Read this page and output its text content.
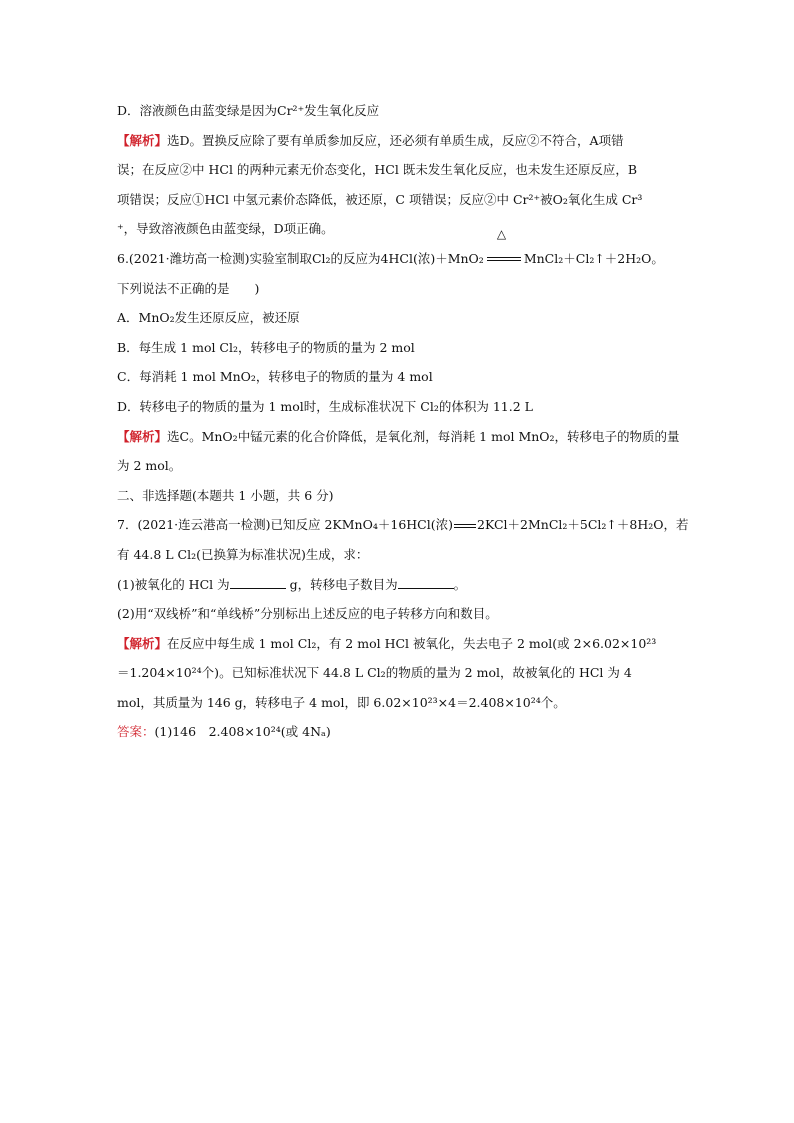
D．溶液颜色由蓝变绿是因为Cr²⁺发生氧化反应
【解析】选D。置换反应除了要有单质参加反应，还必须有单质生成，反应②不符合，A项错
误；在反应②中 HCl 的两种元素无价态变化，HCl 既未发生氧化反应，也未发生还原反应，B
项错误；反应①HCl 中氢元素价态降低，被还原，C 项错误；反应②中 Cr²⁺被O₂氧化生成 Cr³
⁺，导致溶液颜色由蓝变绿，D项正确。
6.(2021·潍坊高一检测)实验室制取Cl₂的反应为4HCl(浓)＋MnO₂
△
MnCl₂＋Cl₂↑＋2H₂O。
下列说法不正确的是　　)
A．MnO₂发生还原反应，被还原
B．每生成 1 mol Cl₂，转移电子的物质的量为 2 mol
C．每消耗 1 mol MnO₂，转移电子的物质的量为 4 mol
D．转移电子的物质的量为 1 mol时，生成标准状况下 Cl₂的体积为 11.2 L
【解析】选C。MnO₂中锰元素的化合价降低，是氧化剂，每消耗 1 mol MnO₂，转移电子的物质的量
为 2 mol。
二、非选择题(本题共 1 小题，共 6 分)
7．(2021·连云港高一检测)已知反应 2KMnO₄＋16HCl(浓) 2KCl＋2MnCl₂＋5Cl₂↑＋8H₂O，若
有 44.8 L Cl₂(已换算为标准状况)生成，求：
(1)被氧化的 HCl 为	g，转移电子数目为	。
(2)用“双线桥”和“单线桥”分别标出上述反应的电子转移方向和数目。
【解析】在反应中每生成 1 mol Cl₂，有 2 mol HCl 被氧化，失去电子 2 mol(或 2×6.02×10²³
＝1.204×10²⁴个)。已知标准状况下 44.8 L Cl₂的物质的量为 2 mol，故被氧化的 HCl 为 4
mol，其质量为 146 g，转移电子 4 mol，即 6.02×10²³×4＝2.408×10²⁴个。
答案：(1)146　2.408×10²⁴(或 4Nₐ)
